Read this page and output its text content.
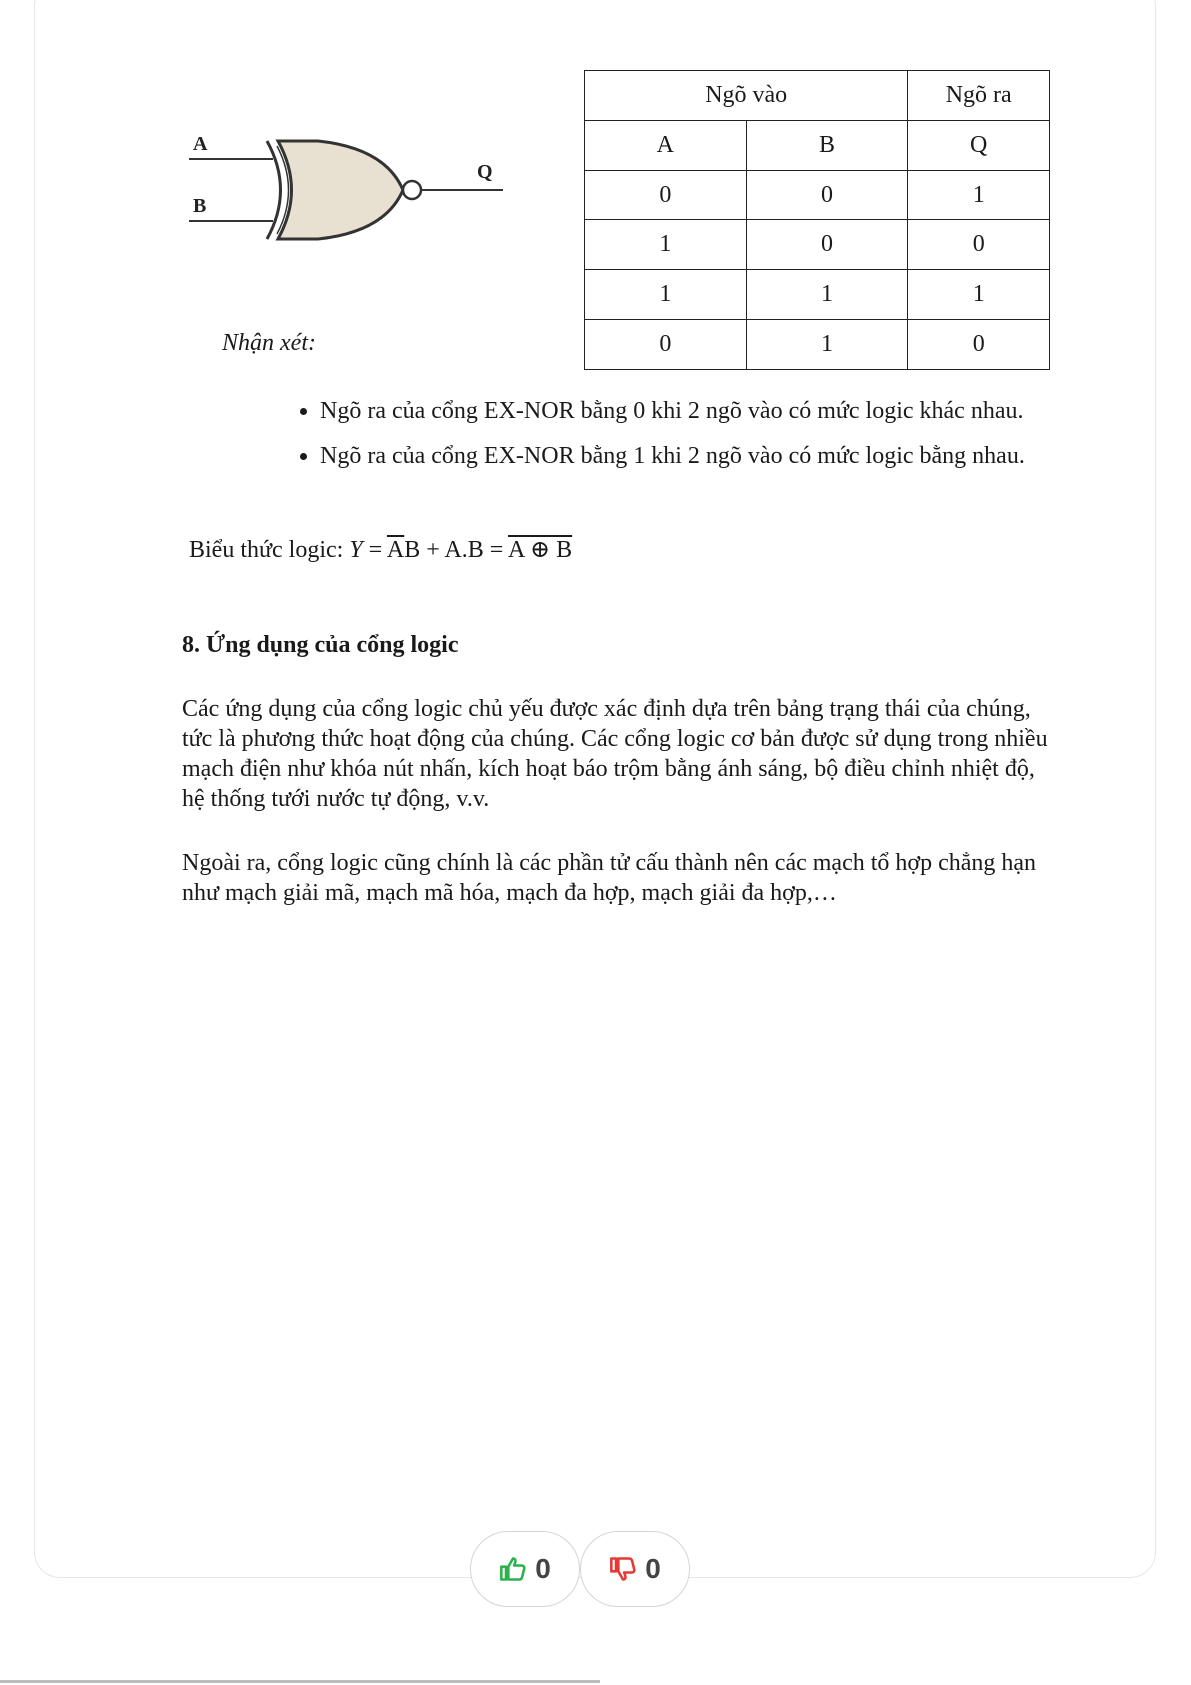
A
B
Q
Nhận xét:
Ngõ vào		Ngõ ra
A	B	Q
0	0	1
1	0	0
1	1	1
0	1	0
• Ngõ ra của cổng EX-NOR bằng 0 khi 2 ngõ vào có mức logic khác nhau.
• Ngõ ra của cổng EX-NOR bằng 1 khi 2 ngõ vào có mức logic bằng nhau.
Biểu thức logic: $Y = \overline{A}B + A.B = A$ ⊕ B
8. Ứng dụng của cổng logic

Các ứng dụng của cổng logic chủ yếu được xác định dựa trên bảng trạng thái của chúng, tức là phương thức hoạt động của chúng. Các cổng logic cơ bản được sử dụng trong nhiều mạch điện như khóa nút nhấn, kích hoạt báo trộm bằng ánh sáng, bộ điều chỉnh nhiệt độ, hệ thống tưới nước tự động, v.v.

Ngoài ra, cổng logic cũng chính là các phần tử cấu thành nên các mạch tổ hợp chẳng hạn như mạch giải mã, mạch mã hóa, mạch đa hợp, mạch giải đa hợp,…

0	0
